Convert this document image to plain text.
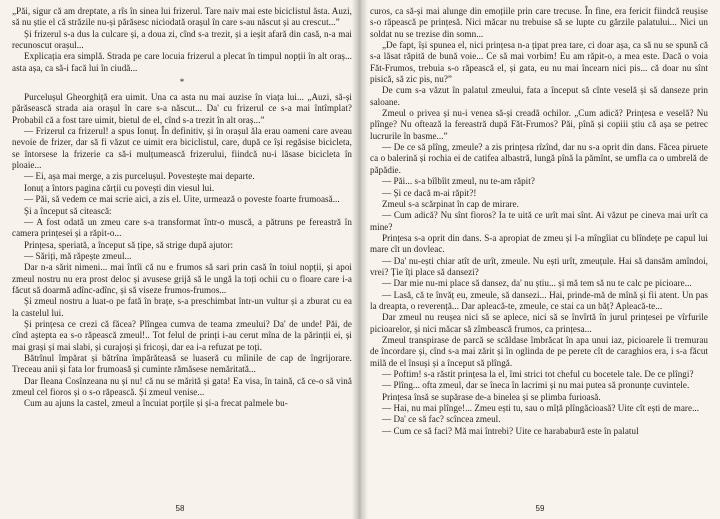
„Păi, sigur că am dreptate, a rîs în sinea lui frizerul. Tare naiv mai este biciclistul ăsta. Auzi, să nu știe el că străzile nu-și părăsesc niciodată orașul în care s-au născut și au crescut...”

Și frizerul s-a dus la culcare și, a doua zi, cînd s-a trezit, și a ieșit afară din casă, n-a mai recunoscut orașul...

Explicația era simplă. Strada pe care locuia frizerul a plecat în timpul nopții în alt oraș... asta așa, ca să-i facă lui în ciudă...

*

Purcelușul Gheorghiță era uimit. Una ca asta nu mai auzise în viața lui... „Auzi, să-și părăsească strada aia orașul în care s-a născut... Da' cu frizerul ce s-a mai întîmplat? Probabil că a fost tare uimit, bietul de el, cînd s-a trezit în alt oraș...”

— Frizerul ca frizerul! a spus Ionuț. În definitiv, și în orașul ăla erau oameni care aveau nevoie de frizer, dar să fi văzut ce uimit era biciclistul, care, după ce își regăsise bicicleta, se întorsese la frizerie ca să-i mulțumească frizerului, fiindcă nu-i lăsase bicicleta în ploaie...

— Ei, așa mai merge, a zis purcelușul. Povestește mai departe.

Ionuț a întors pagina cărții cu povești din viesul lui.

— Păi, să vedem ce mai scrie aici, a zis el. Uite, urmează o poveste foarte frumoasă...

Și a început să citească:

— A fost odată un zmeu care s-a transformat într-o muscă, a pătruns pe fereastră în camera prințesei și a răpit-o...

Prințesa, speriată, a început să țipe, să strige după ajutor:

— Săriți, mă răpește zmeul...

Dar n-a sărit nimeni... mai întîi că nu e frumos să sari prin casă în toiul nopții, și apoi zmeul nostru nu era prost deloc și avusese grijă să le ungă la toți ochii cu o floare care i-a făcut să doarmă adînc-adînc, și să viseze frumos-frumos...

Și zmeul nostru a luat-o pe fată în brațe, s-a preschimbat într-un vultur și a zburat cu ea la castelul lui.

Și prințesa ce crezi că făcea? Plîngea cumva de teama zmeului? Da' de unde! Păi, de cînd aștepta ea s-o răpească zmeul!.. Tot felul de prinți i-au cerut mîna de la părinții ei, și mai grași și mai slabi, și curajoși și fricoși, dar ea i-a refuzat pe toți.

Bătrînul împărat și bătrîna împărăteasă se luaseră cu mîinile de cap de îngrijorare. Treceau anii și fata lor frumoasă și cuminte rămăsese nemăritată...

Dar Ileana Cosînzeana nu și nu! că nu se mărită și gata! Ea visa, în taină, că ce-o să vină zmeul cel fioros și o s-o răpească. Și zmeul venise...

Cum au ajuns la castel, zmeul a încuiat porțile și și-a frecat palmele bu-

58

curos, ca să-și mai alunge din emoțiile prin care trecuse. În fine, era fericit fiindcă reușise s-o răpească pe prințesă. Nici măcar nu trebuise să se lupte cu gărzile palatului... Nici un soldat nu se trezise din somn...

„De fapt, își spunea el, nici prințesa n-a țipat prea tare, ci doar așa, ca să nu se spună că s-a lăsat răpită de bună voie... Ce să mai vorbim! Eu am răpit-o, a mea este. Dacă o voia Făt-Frumos, trebuia s-o răpească el, și gata, eu nu mai încearn nici pis... că doar nu sînt pisică, să zic pis, nu?”

De cum s-a văzut în palatul zmeului, fata a început să cînte veselă și să danseze prin saloane.

Zmeul o privea și nu-i venea să-și creadă ochilor. „Cum adică? Prințesa e veselă? Nu plînge? Nu oftează la fereastră după Făt-Frumos? Păi, pînă și copiii știu că așa se petrec lucrurile în basme...”

— De ce să plîng, zmeule? a zis prințesa rîzînd, dar nu s-a oprit din dans. Făcea piruete ca o balerină și rochia ei de catifea albastră, lungă pînă la pămînt, se umfla ca o umbrelă de păpădie.

— Păi... s-a bîlbîit zmeul, nu te-am răpit?

— Și ce dacă m-ai răpit?!

Zmeul s-a scărpinat în cap de mirare.

— Cum adică? Nu sînt fioros? Ia te uită ce urît mai sînt. Ai văzut pe cineva mai urît ca mine?

Prințesa s-a oprit din dans. S-a apropiat de zmeu și l-a mîngîiat cu blîndețe pe capul lui mare cît un dovleac.

— Da' nu-ești chiar atît de urît, zmeule. Nu ești urît, zmeuțule. Hai să dansăm amîndoi, vrei? Ție îți place să dansezi?

— Dar mie nu-mi place să dansez, da' nu știu... și mă tem să nu te calc pe picioare...

— Lasă, că te învăț eu, zmeule, să dansezi... Hai, prinde-mă de mînă și fii atent. Un pas la dreapta, o reverență... Dar apleacă-te, zmeule, ce stai ca un băț? Apleacă-te...

Dar zmeul nu reușea nici să se aplece, nici să se învîrtă în jurul prințesei pe vîrfurile picioarelor, și nici măcar să zîmbească frumos, ca prințesa...

Zmeul transpirase de parcă se scăldase îmbrăcat în apa unui iaz, picioarele îi tremurau de încordare și, cînd s-a mai zărit și în oglinda de pe perete cît de caraghios era, i s-a făcut milă de el însuși și a început să plîngă.

— Poftim! s-a răstit prințesa la el, îmi strici tot cheful cu bocetele tale. De ce plîngi?

— Plîng... ofta zmeul, dar se îneca în lacrimi și nu mai putea să pronunțe cuvintele.

Prințesa însă se supărase de-a binelea și se plimba furioasă.

— Hai, nu mai plînge!... Zmeu ești tu, sau o mîță plîngăcioasă? Uite cît ești de mare...

— Da' ce să fac? scîncea zmeul.

— Cum ce să faci? Mă mai întrebi? Uite ce harababură este în palatul

59
